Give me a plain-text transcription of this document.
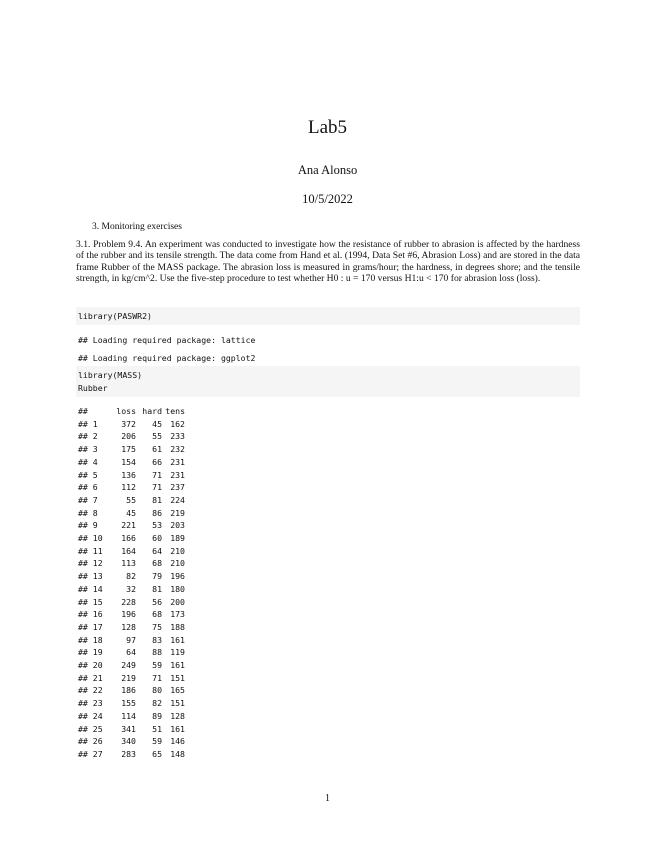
Lab5
Ana Alonso
10/5/2022
3. Monitoring exercises
3.1. Problem 9.4. An experiment was conducted to investigate how the resistance of rubber to abrasion is affected by the hardness of the rubber and its tensile strength. The data come from Hand et al. (1994, Data Set #6, Abrasion Loss) and are stored in the data frame Rubber of the MASS package. The abrasion loss is measured in grams/hour; the hardness, in degrees shore; and the tensile strength, in kg/cm^2. Use the five-step procedure to test whether H0 : u = 170 versus H1:u < 170 for abrasion loss (loss).
library(PASWR2)
## Loading required package: lattice
## Loading required package: ggplot2
library(MASS)
Rubber
##	loss	hard	tens
## 1	372	45	162
## 2	206	55	233
## 3	175	61	232
## 4	154	66	231
## 5	136	71	231
## 6	112	71	237
## 7	55	81	224
## 8	45	86	219
## 9	221	53	203
## 10	166	60	189
## 11	164	64	210
## 12	113	68	210
## 13	82	79	196
## 14	32	81	180
## 15	228	56	200
## 16	196	68	173
## 17	128	75	188
## 18	97	83	161
## 19	64	88	119
## 20	249	59	161
## 21	219	71	151
## 22	186	80	165
## 23	155	82	151
## 24	114	89	128
## 25	341	51	161
## 26	340	59	146
## 27	283	65	148
1
